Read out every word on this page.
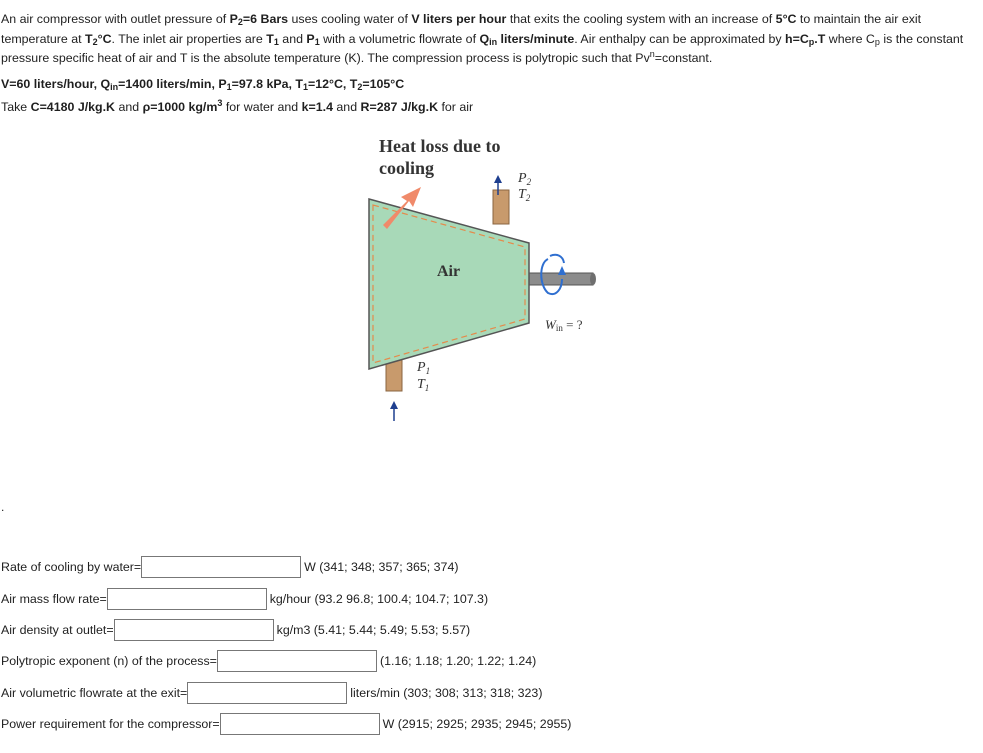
An air compressor with outlet pressure of $P_2=6$ Bars uses cooling water of V liters per hour that exits the cooling system with an increase of 5°C to maintain the air exit temperature at $T_2^\circ C$. The inlet air properties are $T_1$ and $P_1$ with a volumetric flowrate of $Q_{in}$ liters/minute. Air enthalpy can be approximated by $h=C_p.T$ where $C_p$ is the constant pressure specific heat of air and T is the absolute temperature (K). The compression process is polytropic such that $Pv^n=constant$.

V=60 liters/hour, $Q_{in}=1400$ liters/min, $P_1=97.8$ kPa, $T_1=12^\circ C$, $T_2=105^\circ C$

Take C=4180 J/kg.K and ρ=1000 $kg/m^3$ for water and k=1.4 and R=287 J/kg.K for air

Heat loss due to cooling
Air
$P_2$
$T_2$
$P_1$
$T_1$
$W_{in}$ = ?
.
Rate of cooling by water=	W (341; 348; 357; 365; 374)
Air mass flow rate=	kg/hour (93.2 96.8; 100.4; 104.7; 107.3)
Air density at outlet=	kg/m3 (5.41; 5.44; 5.49; 5.53; 5.57)
Polytropic exponent (n) of the process=	(1.16; 1.18; 1.20; 1.22; 1.24)
Air volumetric flowrate at the exit=	liters/min (303; 308; 313; 318; 323)
Power requirement for the compressor=	W (2915; 2925; 2935; 2945; 2955)
